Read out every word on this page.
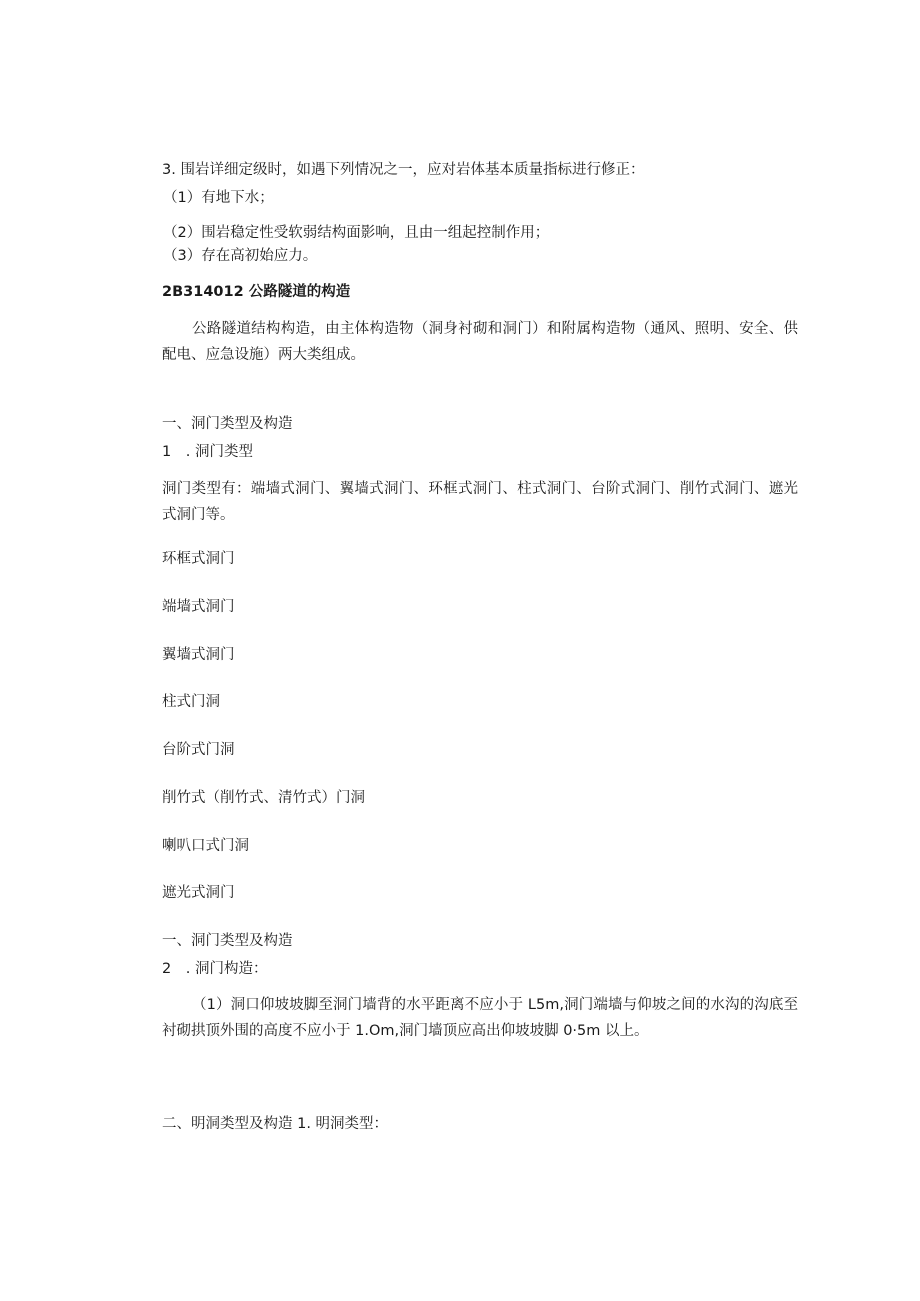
3. 围岩详细定级时，如遇下列情况之一，应对岩体基本质量指标进行修正：

（1）有地下水；

（2）围岩稳定性受软弱结构面影响，且由一组起控制作用；

（3）存在高初始应力。

2B314012 公路隧道的构造

公路隧道结构构造，由主体构造物（洞身衬砌和洞门）和附属构造物（通风、照明、安全、供配电、应急设施）两大类组成。

一、洞门类型及构造

1　. 洞门类型

洞门类型有：端墙式洞门、翼墙式洞门、环框式洞门、柱式洞门、台阶式洞门、削竹式洞门、遮光式洞门等。

环框式洞门

端墙式洞门

翼墙式洞门

柱式门洞

台阶式门洞

削竹式（削竹式、清竹式）门洞

喇叭口式门洞

遮光式洞门

一、洞门类型及构造

2　. 洞门构造：

（1）洞口仰坡坡脚至洞门墙背的水平距离不应小于 L5m,洞门端墙与仰坡之间的水沟的沟底至衬砌拱顶外围的高度不应小于 1.Om,洞门墙顶应高出仰坡坡脚 0·5m 以上。

二、明洞类型及构造 1. 明洞类型：
